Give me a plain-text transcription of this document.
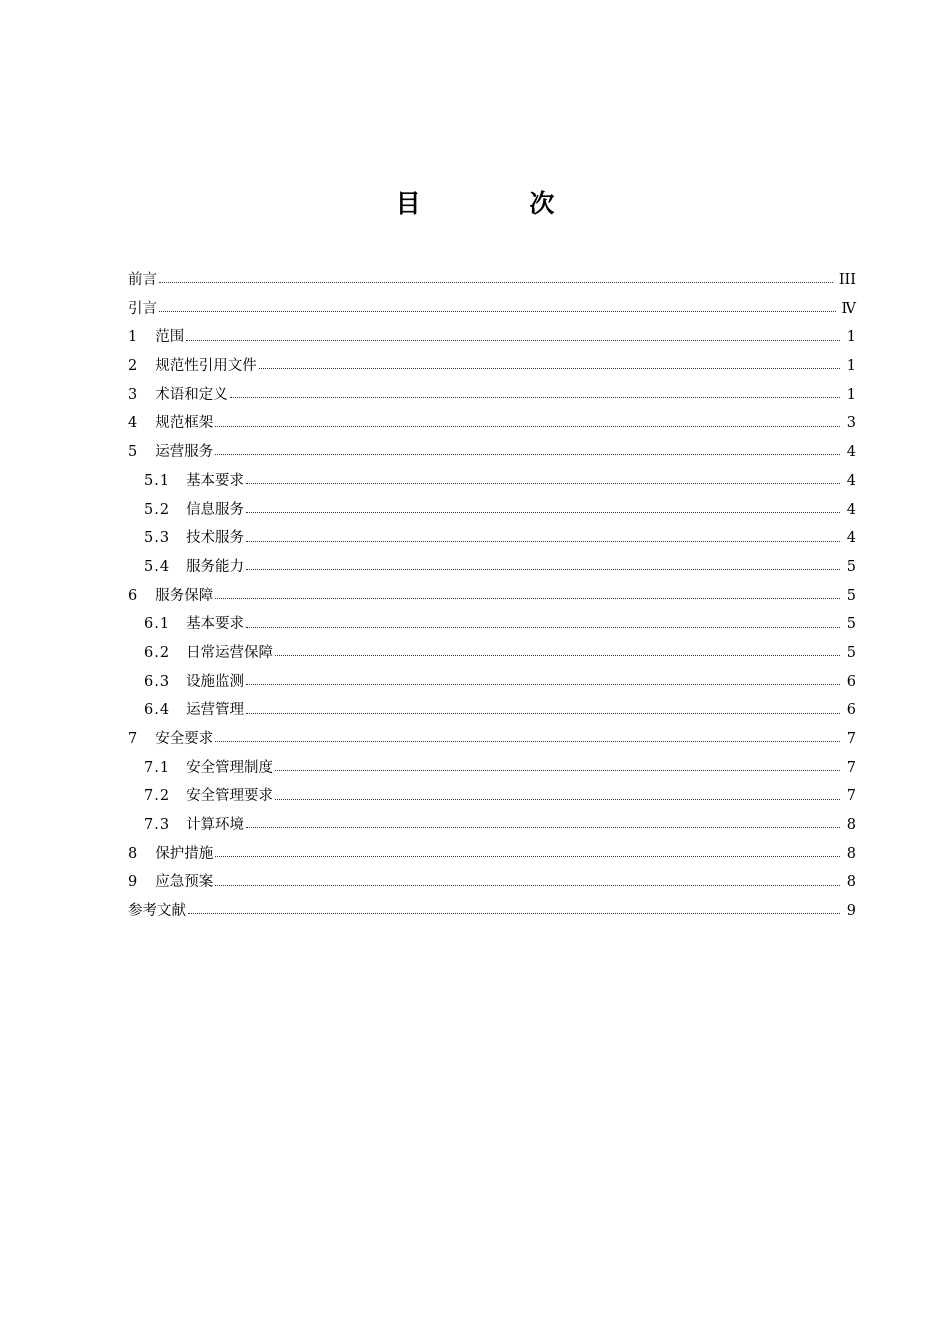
目 次
前言	III
引言	Ⅳ
1 范围	1
2 规范性引用文件	1
3 术语和定义	1
4 规范框架	3
5 运营服务	4
5.1 基本要求	4
5.2 信息服务	4
5.3 技术服务	4
5.4 服务能力	5
6 服务保障	5
6.1 基本要求	5
6.2 日常运营保障	5
6.3 设施监测	6
6.4 运营管理	6
7 安全要求	7
7.1 安全管理制度	7
7.2 安全管理要求	7
7.3 计算环境	8
8 保护措施	8
9 应急预案	8
参考文献	9
